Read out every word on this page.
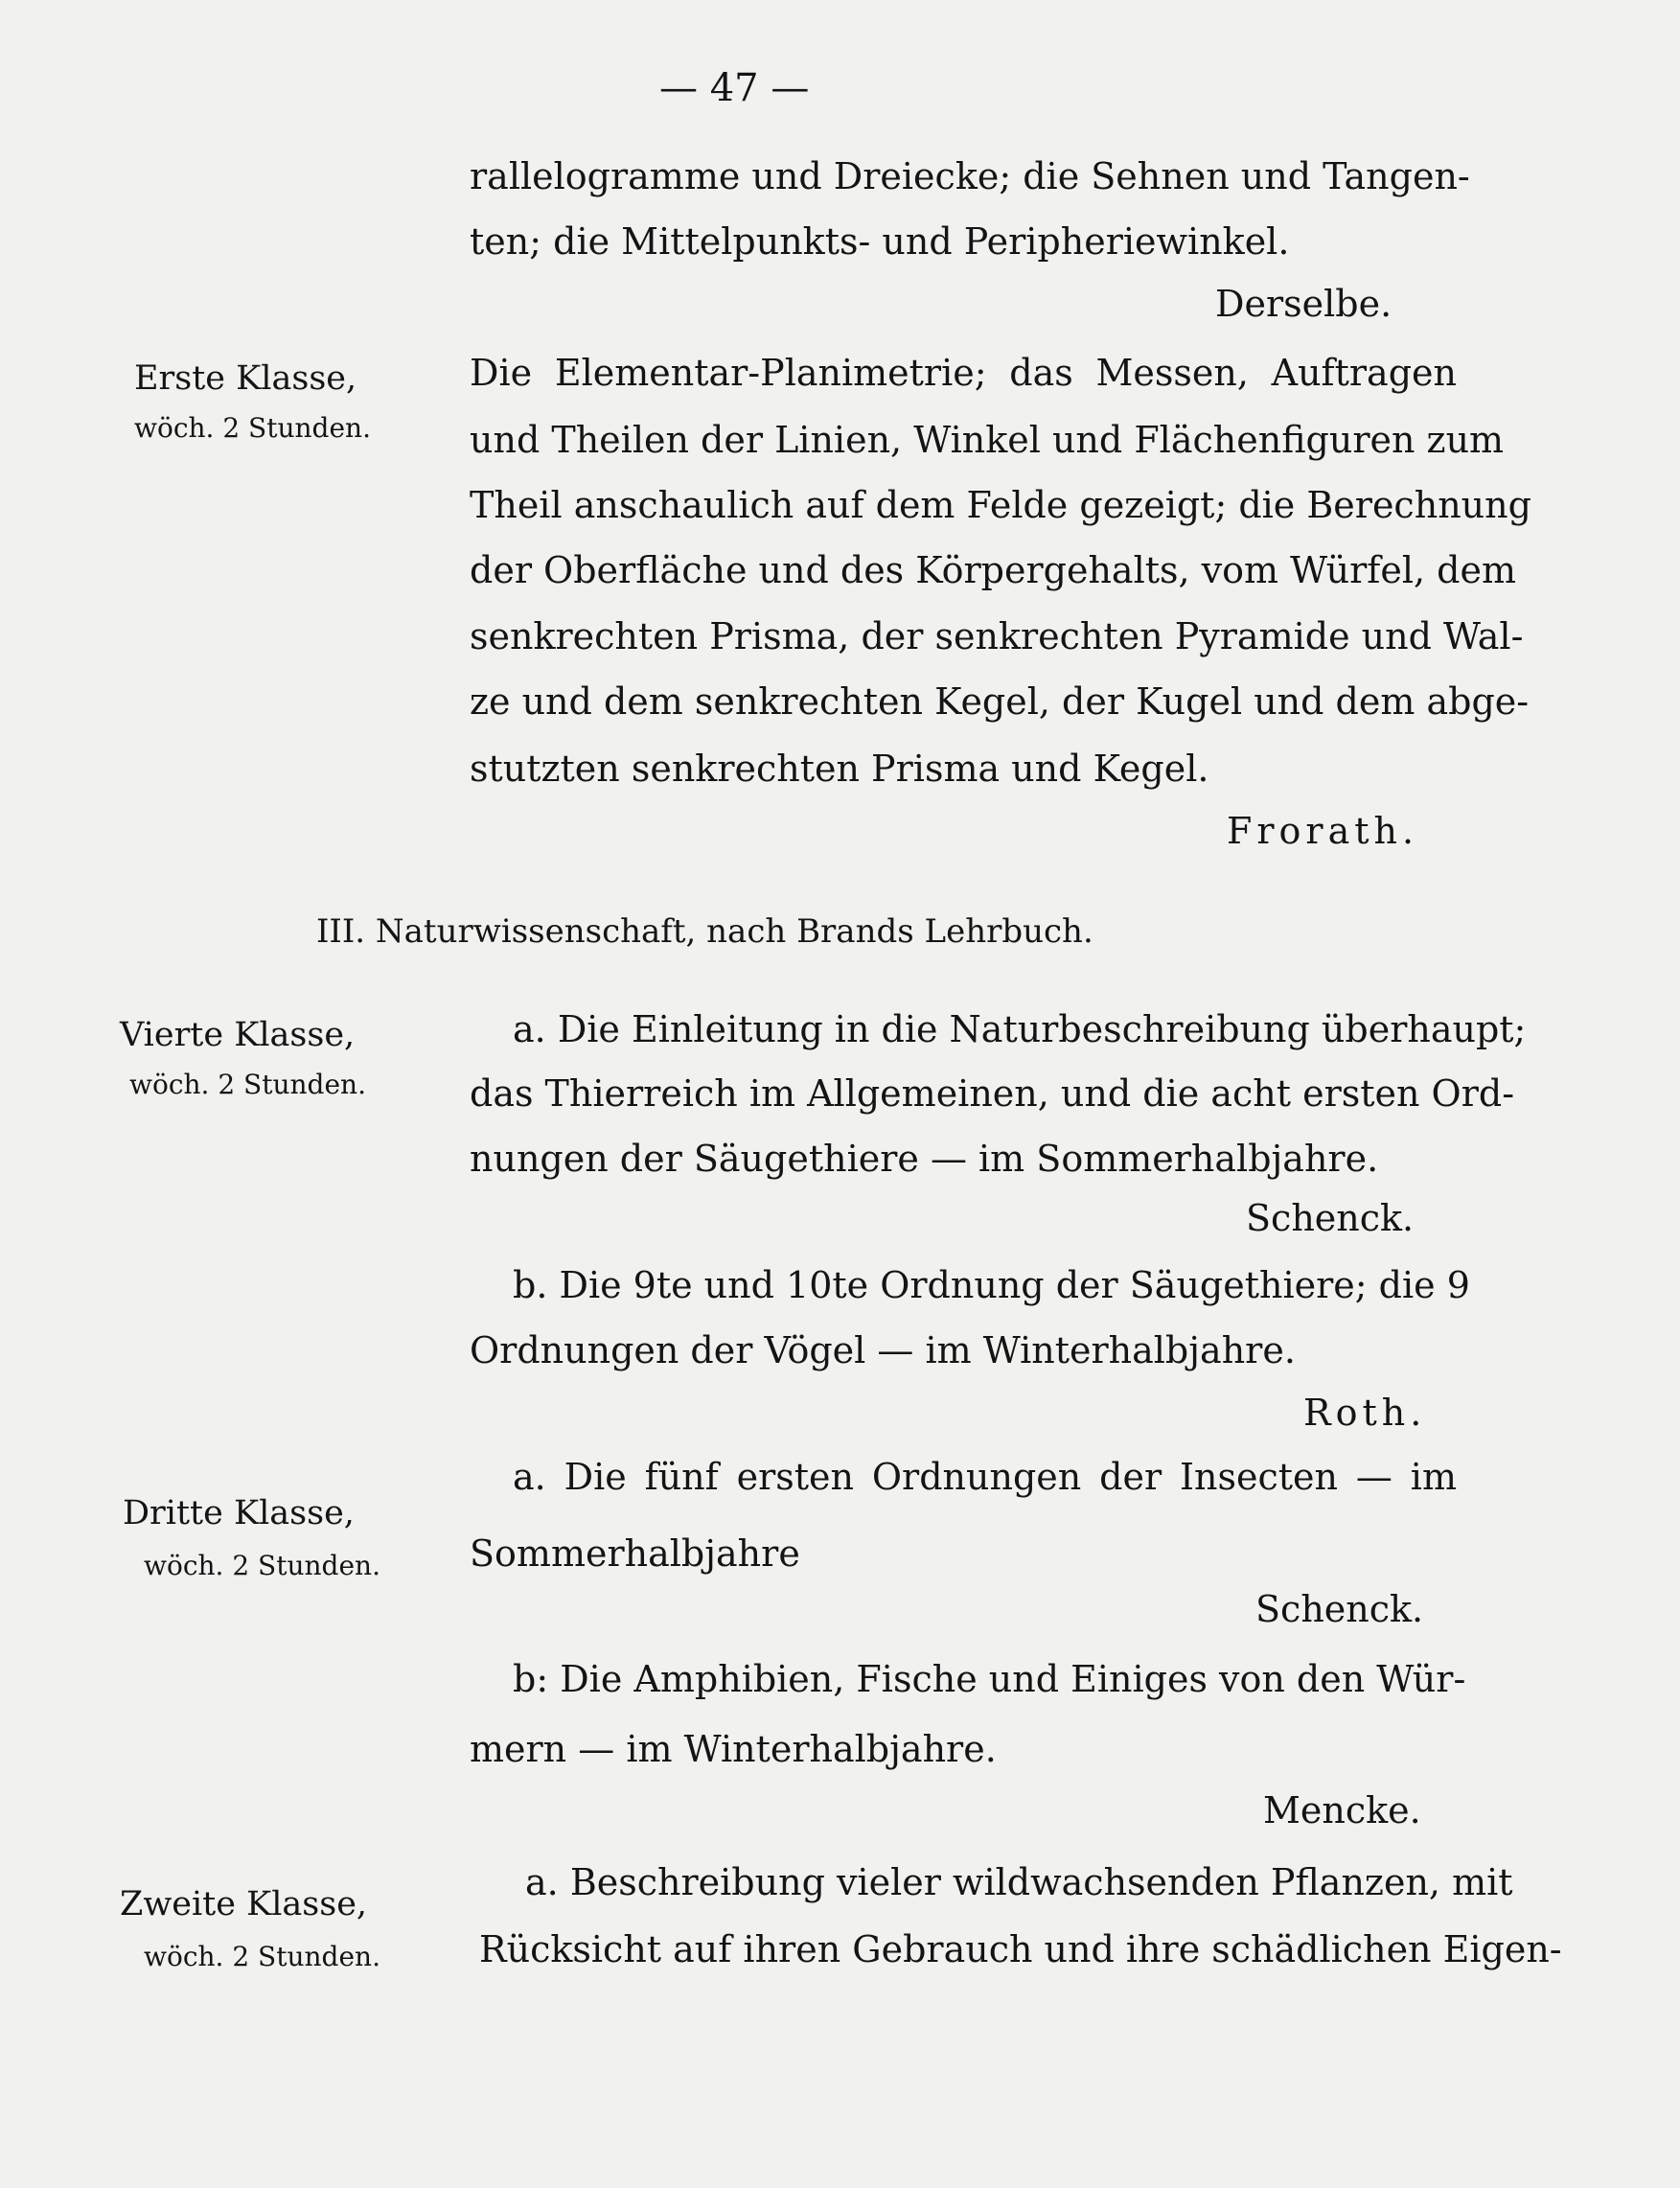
— 47 —
rallelogramme und Dreiecke; die Sehnen und Tangen-
ten; die Mittelpunkts- und Peripheriewinkel.
Derselbe.
Erste Klasse,
wöch. 2 Stunden.
Die Elementar-Planimetrie; das Messen, Auftragen
und Theilen der Linien, Winkel und Flächenfiguren zum
Theil anschaulich auf dem Felde gezeigt; die Berechnung
der Oberfläche und des Körpergehalts, vom Würfel, dem
senkrechten Prisma, der senkrechten Pyramide und Wal-
ze und dem senkrechten Kegel, der Kugel und dem abge-
stutzten senkrechten Prisma und Kegel.
Frorath.
III. Naturwissenschaft, nach Brands Lehrbuch.
Vierte Klasse,
wöch. 2 Stunden.
a. Die Einleitung in die Naturbeschreibung überhaupt;
das Thierreich im Allgemeinen, und die acht ersten Ord-
nungen der Säugethiere — im Sommerhalbjahre.
Schenck.
b. Die 9te und 10te Ordnung der Säugethiere; die 9
Ordnungen der Vögel — im Winterhalbjahre.
Roth.
a. Die fünf ersten Ordnungen der Insecten — im
Dritte Klasse,
wöch. 2 Stunden. Sommerhalbjahre
Schenck.
b: Die Amphibien, Fische und Einiges von den Wür-
mern — im Winterhalbjahre.
Mencke.
a. Beschreibung vieler wildwachsenden Pflanzen, mit
Zweite Klasse,
wöch. 2 Stunden.	Rücksicht auf ihren Gebrauch und ihre schädlichen Eigen-
